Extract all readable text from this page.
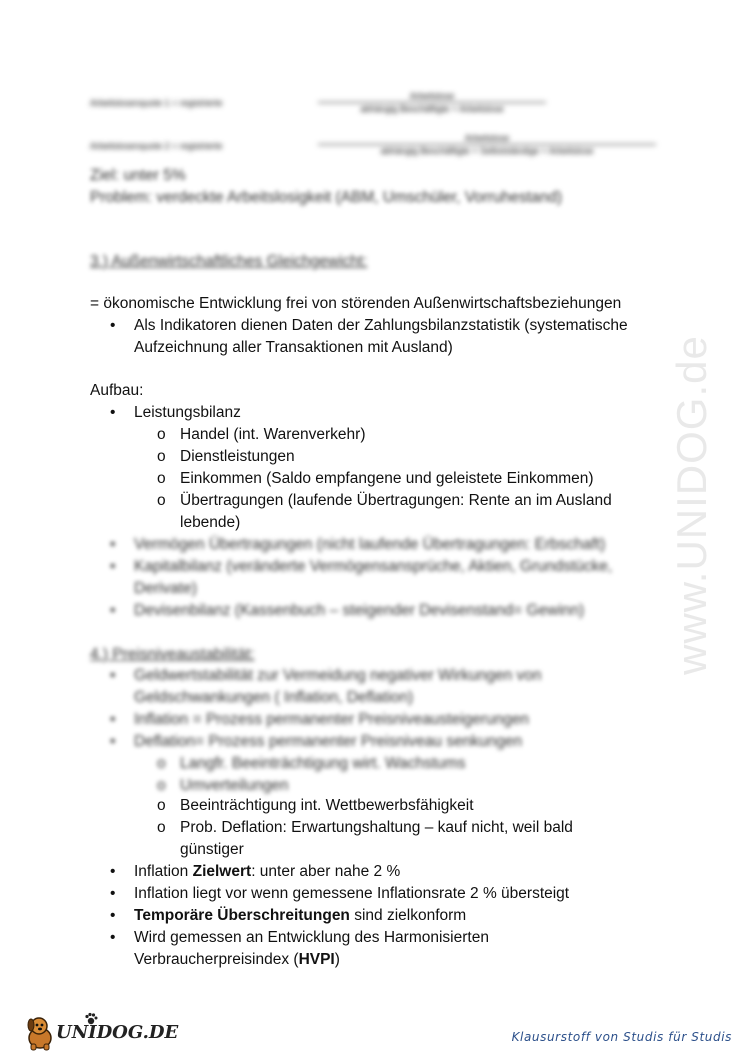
Arbeitslosenquote 1 = registrierte
Arbeitslose
abhängig Beschäftigte + Arbeitslose
Arbeitslosenquote 2 = registrierte
Arbeitslose
abhängig Beschäftigte + Selbstständige + Arbeitslose
Ziel: unter 5%
Problem: verdeckte Arbeitslosigkeit (ABM, Umschüler, Vorruhestand)
3.) Außenwirtschaftliches Gleichgewicht:
= ökonomische Entwicklung frei von störenden Außenwirtschaftsbeziehungen
• Als Indikatoren dienen Daten der Zahlungsbilanzstatistik (systematische
Aufzeichnung aller Transaktionen mit Ausland)
Aufbau:
• Leistungsbilanz
o Handel (int. Warenverkehr)
o Dienstleistungen
o Einkommen (Saldo empfangene und geleistete Einkommen)
o Übertragungen (laufende Übertragungen: Rente an im Ausland
lebende)
• Vermögen Übertragungen (nicht laufende Übertragungen: Erbschaft)
• Kapitalbilanz (veränderte Vermögensansprüche, Aktien, Grundstücke,
Derivate)
• Devisenbilanz (Kassenbuch – steigender Devisenstand= Gewinn)
4.) Preisniveaustabilität:
• Geldwertstabilität zur Vermeidung negativer Wirkungen von
Geldschwankungen ( Inflation, Deflation)
• Inflation = Prozess permanenter Preisniveausteigerungen
• Deflation= Prozess permanenter Preisniveau senkungen
o Langfr. Beeinträchtigung wirt. Wachstums
o Umverteilungen
o Beeinträchtigung int. Wettbewerbsfähigkeit
o Prob. Deflation: Erwartungshaltung – kauf nicht, weil bald
günstiger
• Inflation Zielwert: unter aber nahe 2 %
• Inflation liegt vor wenn gemessene Inflationsrate 2 % übersteigt
• Temporäre Überschreitungen sind zielkonform
• Wird gemessen an Entwicklung des Harmonisierten
Verbraucherpreisindex (HVPI)
www.UNIDOG.de
UNIDOG.DE	Klausurstoff von Studis für Studis
